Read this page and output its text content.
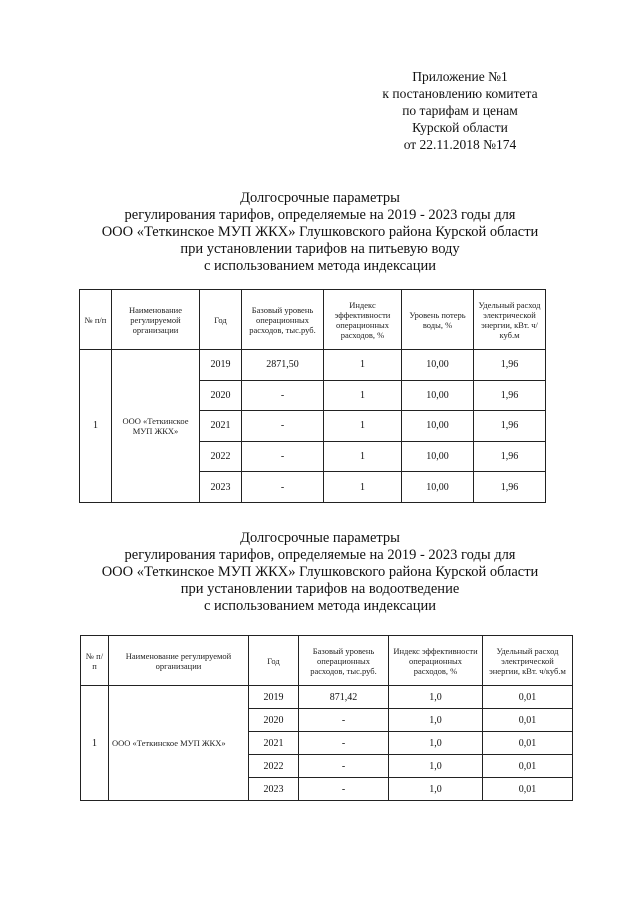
Приложение №1
к постановлению комитета
по тарифам и ценам
Курской области
от 22.11.2018 №174
Долгосрочные параметры
регулирования тарифов, определяемые на 2019 - 2023 годы для
ООО «Теткинское МУП ЖКХ» Глушковского района Курской области
при установлении тарифов на питьевую воду
с использованием метода индексации
№ п/п	Наименование регулируемой организации	Год	Базовый уровень операционных расходов, тыс.руб.	Индекс эффективности операционных расходов, %	Уровень потерь воды, %	Удельный расход электрической энергии, кВт. ч/куб.м
1	ООО «Теткинское МУП ЖКХ»	2019	2871,50	1	10,00	1,96
		2020	-	1	10,00	1,96
		2021	-	1	10,00	1,96
		2022	-	1	10,00	1,96
		2023	-	1	10,00	1,96
Долгосрочные параметры
регулирования тарифов, определяемые на 2019 - 2023 годы для
ООО «Теткинское МУП ЖКХ» Глушковского района Курской области
при установлении тарифов на водоотведение
с использованием метода индексации
№ п/п	Наименование регулируемой организации	Год	Базовый уровень операционных расходов, тыс.руб.	Индекс эффективности операционных расходов, %	Удельный расход электрической энергии, кВт. ч/куб.м
1	ООО «Теткинское МУП ЖКХ»	2019	871,42	1,0	0,01
		2020	-	1,0	0,01
		2021	-	1,0	0,01
		2022	-	1,0	0,01
		2023	-	1,0	0,01
